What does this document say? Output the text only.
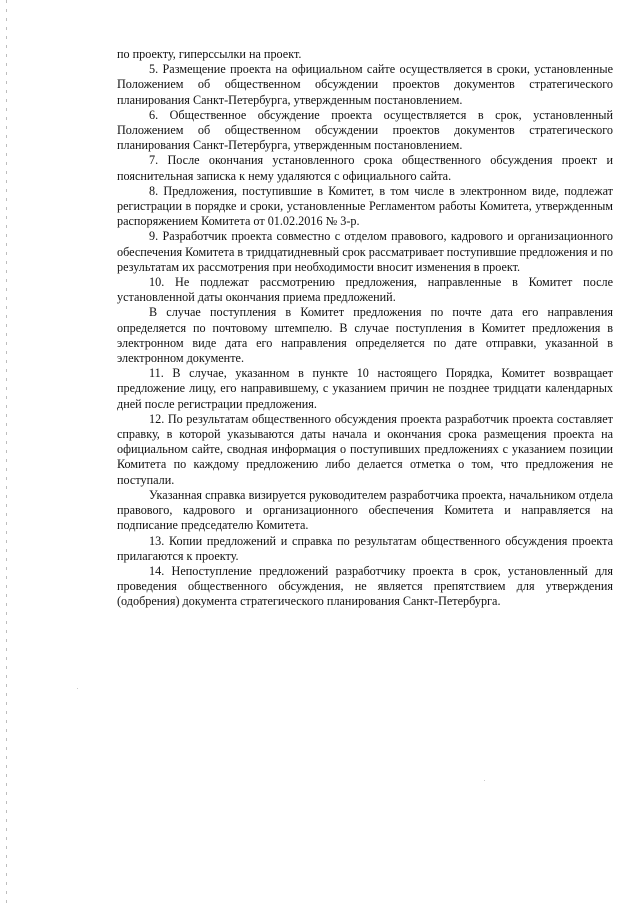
по проекту, гиперссылки на проект.

5. Размещение проекта на официальном сайте осуществляется в сроки, установленные Положением об общественном обсуждении проектов документов стратегического планирования Санкт-Петербурга, утвержденным постановлением.

6. Общественное обсуждение проекта осуществляется в срок, установленный Положением об общественном обсуждении проектов документов стратегического планирования Санкт-Петербурга, утвержденным постановлением.

7. После окончания установленного срока общественного обсуждения проект и пояснительная записка к нему удаляются с официального сайта.

8. Предложения, поступившие в Комитет, в том числе в электронном виде, подлежат регистрации в порядке и сроки, установленные Регламентом работы Комитета, утвержденным распоряжением Комитета от 01.02.2016 № 3-р.

9. Разработчик проекта совместно с отделом правового, кадрового и организационного обеспечения Комитета в тридцатидневный срок рассматривает поступившие предложения и по результатам их рассмотрения при необходимости вносит изменения в проект.

10. Не подлежат рассмотрению предложения, направленные в Комитет после установленной даты окончания приема предложений.

В случае поступления в Комитет предложения по почте дата его направления определяется по почтовому штемпелю. В случае поступления в Комитет предложения в электронном виде дата его направления определяется по дате отправки, указанной в электронном документе.

11. В случае, указанном в пункте 10 настоящего Порядка, Комитет возвращает предложение лицу, его направившему, с указанием причин не позднее тридцати календарных дней после регистрации предложения.

12. По результатам общественного обсуждения проекта разработчик проекта составляет справку, в которой указываются даты начала и окончания срока размещения проекта на официальном сайте, сводная информация о поступивших предложениях с указанием позиции Комитета по каждому предложению либо делается отметка о том, что предложения не поступали.

Указанная справка визируется руководителем разработчика проекта, начальником отдела правового, кадрового и организационного обеспечения Комитета и направляется на подписание председателю Комитета.

13. Копии предложений и справка по результатам общественного обсуждения проекта прилагаются к проекту.

14. Непоступление предложений разработчику проекта в срок, установленный для проведения общественного обсуждения, не является препятствием для утверждения (одобрения) документа стратегического планирования Санкт-Петербурга.
